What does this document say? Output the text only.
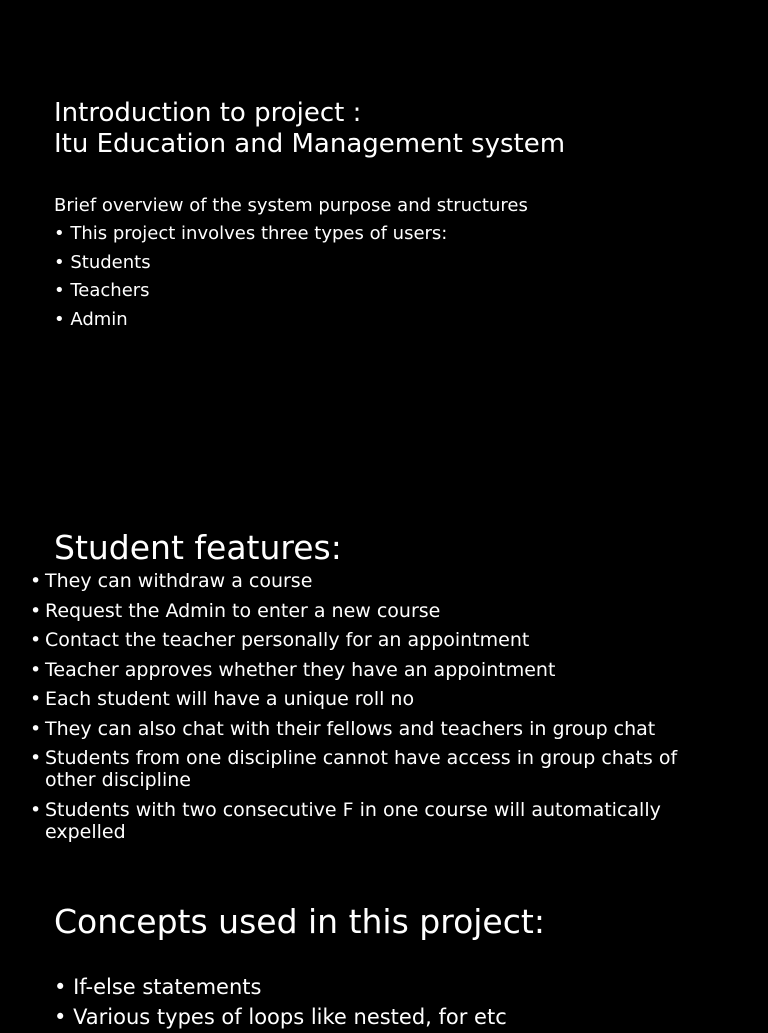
Introduction to project :
Itu Education and Management system
Brief overview of the system purpose and structures
• This project involves three types of users:
• Students
• Teachers
• Admin
Student features:
• They can withdraw a course
• Request the Admin to enter a new course
• Contact the teacher personally for an appointment
• Teacher approves whether they have an appointment
• Each student will have a unique roll no
• They can also chat with their fellows and teachers in group chat
• Students from one discipline cannot have access in group chats of other discipline
• Students with two consecutive F in one course will automatically expelled
Concepts used in this project:
• If-else statements
• Various types of loops like nested, for etc
